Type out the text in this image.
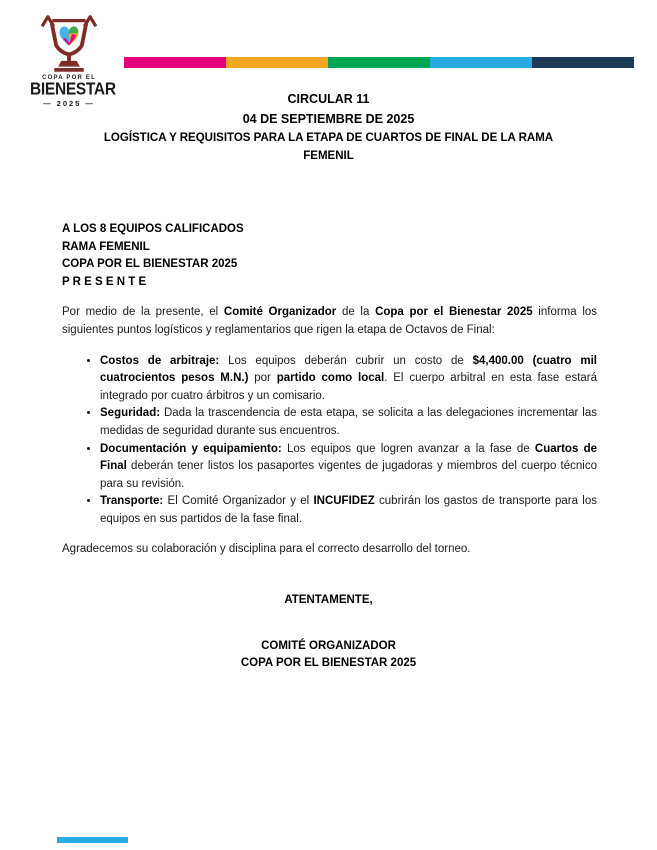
COPA POR EL
BIENESTAR
— 2025 —	CIRCULAR 11
04 DE SEPTIEMBRE DE 2025
LOGÍSTICA Y REQUISITOS PARA LA ETAPA DE CUARTOS DE FINAL DE LA RAMA
FEMENIL
A LOS 8 EQUIPOS CALIFICADOS
RAMA FEMENIL
COPA POR EL BIENESTAR 2025
P R E S E N T E

Por medio de la presente, el Comité Organizador de la Copa por el Bienestar 2025 informa los siguientes puntos logísticos y reglamentarios que rigen la etapa de Octavos de Final:

• Costos de arbitraje: Los equipos deberán cubrir un costo de $4,400.00 (cuatro mil cuatrocientos pesos M.N.) por partido como local. El cuerpo arbitral en esta fase estará integrado por cuatro árbitros y un comisario.
• Seguridad: Dada la trascendencia de esta etapa, se solicita a las delegaciones incrementar las medidas de seguridad durante sus encuentros.
• Documentación y equipamiento: Los equipos que logren avanzar a la fase de Cuartos de Final deberán tener listos los pasaportes vigentes de jugadoras y miembros del cuerpo técnico para su revisión.
• Transporte: El Comité Organizador y el INCUFIDEZ cubrirán los gastos de transporte para los equipos en sus partidos de la fase final.

Agradecemos su colaboración y disciplina para el correcto desarrollo del torneo.

ATENTAMENTE,
COMITÉ ORGANIZADOR
COPA POR EL BIENESTAR 2025
